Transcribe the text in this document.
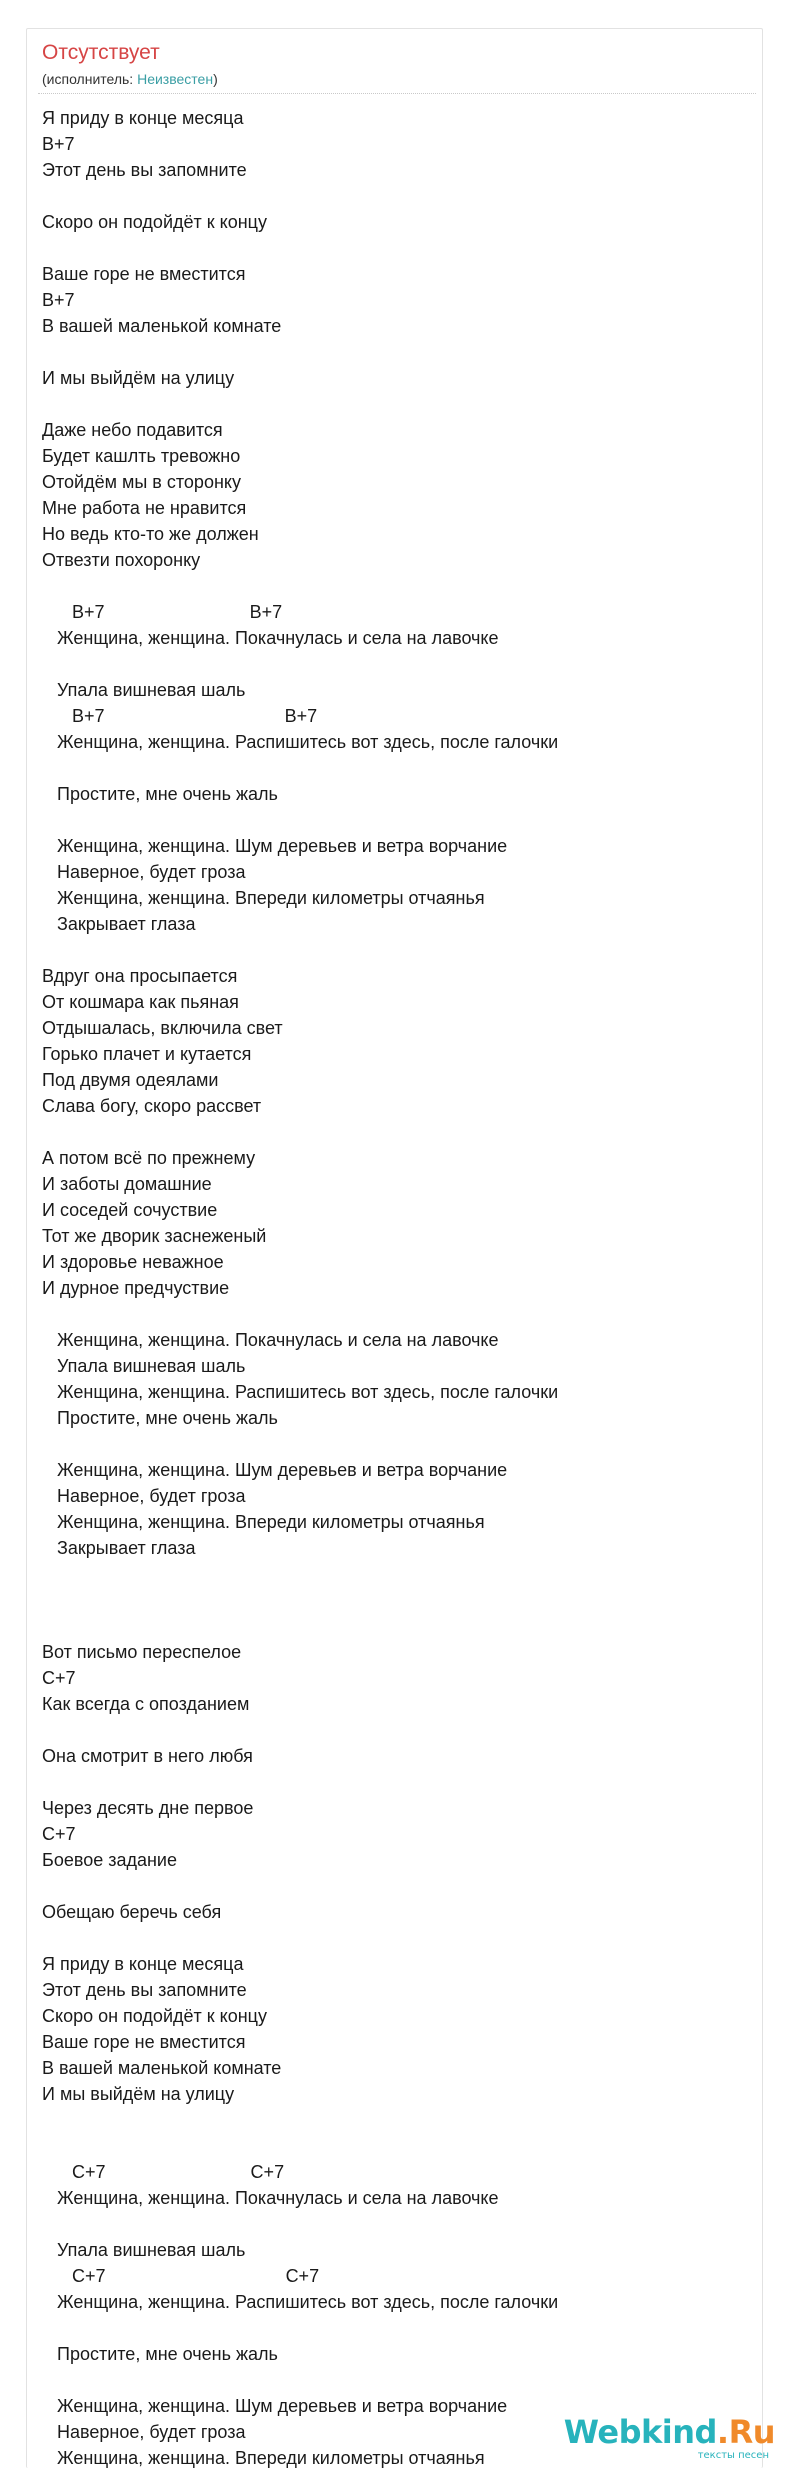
Отсутствует
(исполнитель: Неизвестен)
Я приду в конце месяца
B+7
Этот день вы запомните

Скоро он подойдёт к концу

Ваше горе не вместится
B+7
В вашей маленькой комнате

И мы выйдём на улицу

Даже небо подавится
Будет кашлть тревожно
Отойдём мы в сторонку
Мне работа не нравится
Но ведь кто-то же должен
Отвезти похоронку

B+7                             B+7
Женщина, женщина. Покачнулась и села на лавочке

Упала вишневая шаль
B+7                                    B+7
Женщина, женщина. Распишитесь вот здесь, после галочки

Простите, мне очень жаль

Женщина, женщина. Шум деревьев и ветра ворчание
Наверное, будет гроза
Женщина, женщина. Впереди километры отчаянья
Закрывает глаза

Вдруг она просыпается
От кошмара как пьяная
Отдышалась, включила свет
Горько плачет и кутается
Под двумя одеялами
Слава богу, скоро рассвет

А потом всё по прежнему
И заботы домашние
И соседей сочуствие
Тот же дворик заснеженый
И здоровье неважное
И дурное предчуствие

Женщина, женщина. Покачнулась и села на лавочке
Упала вишневая шаль
Женщина, женщина. Распишитесь вот здесь, после галочки
Простите, мне очень жаль

Женщина, женщина. Шум деревьев и ветра ворчание
Наверное, будет гроза
Женщина, женщина. Впереди километры отчаянья
Закрывает глаза

Вот письмо переспелое
C+7
Как всегда с опозданием

Она смотрит в него любя

Через десять дне первое
C+7
Боевое задание

Обещаю беречь себя

Я приду в конце месяца
Этот день вы запомните
Скоро он подойдёт к концу
Ваше горе не вместится
В вашей маленькой комнате
И мы выйдём на улицу

C+7                             C+7
Женщина, женщина. Покачнулась и села на лавочке

Упала вишневая шаль
C+7                                    C+7
Женщина, женщина. Распишитесь вот здесь, после галочки

Простите, мне очень жаль

Женщина, женщина. Шум деревьев и ветра ворчание
Наверное, будет гроза
Женщина, женщина. Впереди километры отчаянья
Webkind.Ru
тексты песен
